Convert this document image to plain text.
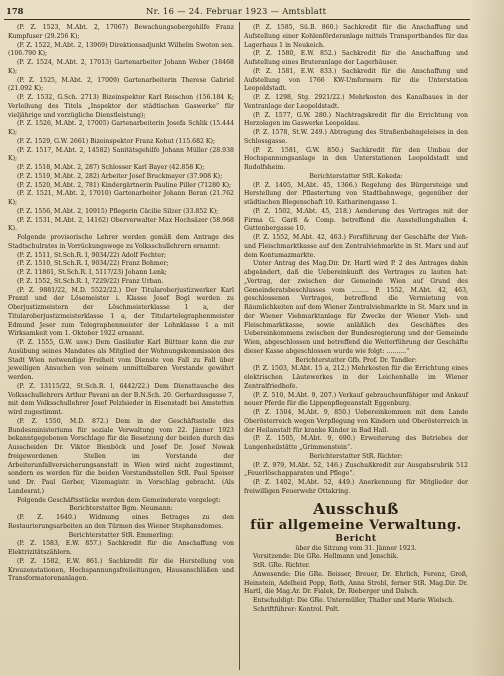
178	Nr. 16 — 24. Februar 1923 — Amtsblatt

(P. Z. 1523, M.Abt. 2, 17067) Bewachungsobergehilfe Franz Kumpfuser (29.256 K);

(P. Z. 1522, M.Abt. 2, 13969) Direktionsadjunkt Wilhelm Swoton sen. (106.790 K);

(P. Z. 1524, M.Abt. 2, 17013) Gartenarbeiter Johann Weber (18468 K);

(P. Z. 1525, M.Abt. 2, 17009) Gartenarbeiterin Therese Gabriel (21.092 K);

(P. Z. 1532, G.Sch. 2713) Bizeinspektor Karl Reischon (156.184 K; Verleihung des Titels „Inspektor der städtischen Gaswerke“ für vieljährige und vorzügliche Dienstleistung);

(P. Z. 1526, M.Abt. 2, 17005) Gartenarbeiterin Josefa Schlik (15.444 K);

(P. Z. 1529, G.W. 2661) Bizeinspektor Franz Kohut (115.682 K);

(P. Z. 1517, M.Abt. 2, 14582) Sanitätsgehilfe Johann Müller (28.938 K);

(P. Z. 1518, M.Abt. 2, 287) Schlosser Karl Bayer (42.858 K);

(P. Z. 1519, M.Abt. 2, 282) Arbeiter Josef Bruckmayer (37.908 K);

(P. Z. 1520, M.Abt. 2, 781) Kindergärtnerin Pauline Piller (71280 K);

(P. Z. 1521, M.Abt. 2, 17010) Gartenarbeiter Johann Beran (21.762 K);

(P. Z. 1556, M.Abt. 2, 10915) Pflegerin Cäcilie Silzer (33.852 K);

(P. Z. 1531, M.Abt. 2, 14162) Oberverwalter Max Hochsäzer (58.968 K).

Folgende provisorische Lehrer werden gemäß dem Antrage des Stadtschulrates in Vorrückungswege zu Volksschullehrern ernannt:

(P. Z. 1511, St.Sch.R. I, 9034/22) Adolf Fechter;

(P. Z. 1510, St.Sch.R. I, 9034/22) Franz Bohmer;

(P. Z. 11861, St.Sch.R. I, 5117/23) Johann Lenk;

(P. Z. 1552, St.Sch.R. I, 7229/22) Franz Urban.

(P. Z. 9881/22, M.D. 5522/22.) Der Titularoberjustizwerker Karl Franzl und der Lösemeister i. Klasse Josef Bogl werden zu Oberjustizmeistern der Löschmeisterklasse 1 a, der Titularoberjustizmeisterklasse 1 a, der Titulartelegraphenmeister Edmund Jeser zum Telegraphenmeister der Lohnklasse 1 a mit Wirksamkeit vom 1. Oktober 1922 ernannt.

(P. Z. 1555, G.W. usw.) Dem Gasläufer Karl Büttner kann die zur Ausübung seines Mandates als Mitglied der Wohnungskommission des Stadt Wien notwendige Freiheit vom Dienste von Fall zu Fall über jeweiligen Ansuchen von seinem unmittelbaren Vorstande gewährt werden.

(P. Z. 13115/22, St.Sch.R. I, 6442/22.) Dem Diensttausche des Volksschullehrers Arthur Pavani an der B.N.Sch. 20. Gerhardusgasse 7, mit dem Volksschullehrer Josef Pelzlsieder in Eisenstadt bei Amstetten wird zugestimmt.

(P. Z. 1550, M.D. 872.) Dem in der Geschäftsstelle des Bundesministeriums für soziale Verwaltung vom 22. Jänner 1923 bekanntgegebenen Vorschlage für die Besetzung der beiden durch das Ausscheiden Dr. Viktor Bienböck und Josef Dr. Josef Nowak freigewordenen Stellen im Vorstande der Arbeiterunfallversicherungsanstalt in Wien wird nicht zugestimmt, sondern es werden für die beiden Vorstandsstellen StR. Paul Speiser und Dr. Paul Gerber, Vizemagistr. in Vorschlag gebracht. (Als Landesrat.)

Folgende Geschäftsstücke werden dem Gemeinderate vorgelegt:

Berichterstatter Bgm. Neumann:

(P. Z. 1640.) Widmung eines Betrages zu den Restaurierungsarbeiten an den Türmen des Wiener Stephansdomes.

Berichterstatter StR. Emmerling:

(P. Z. 1583, E.W. 857.) Sachkredit für die Anschaffung von Elektrizitätszählern.

(P. Z. 1582, E.W. 861.) Sachkredit für die Herstellung von Kreuzenstationen, Hochspannungsfreileitungen, Hausanschläßen und Transformatorenanlagen.

(P. Z. 1585, Sü.B. 860.) Sachkredit für die Anschaffung und Aufstellung einer Kohlenförderanlage mittels Transportbandes für das Lagerhaus 1 in Neukeich.

(P. Z. 1580, E.W. 852.) Sachkredit für die Anschaffung und Aufstellung eines Bruteranlage der Lagerhäuser.

(P. Z. 1581, E.W. 833.) Sachkredit für die Anschaffung und Aufstellung von 1766 KW-Umformern für die Unterstation Leopoldstadt.

(P. Z. 1298, Stg. 2921/22.) Mehrkosten des Kanalbaues in der Ventranlage der Leopoldstadt.

(P. Z. 1577, G.W. 280.) Nachtragskredit für die Errichtung von Herzolagen im Gaswerke Leopoldau.

(P. Z. 1578, St.W. 249.) Abtragung des Straßenbahngeleises in den Schlossgasse.

(P. Z. 1581, G.W. 850.) Sachkredit für den Umbau der Hochspannungsanlage in den Unterstationen Leopoldstadt und Rudolfsheim.

Berichterstatter StR. Kokeda:

(P. Z. 1405, M.Abt. 45, 1366.) Regelung des Bürgersteige und Herstellung der Pflastertung von Stadtbahnwege, gegenüber der städtischen Blegenschaft 10. Katharinengasse 1.

(P. Z. 1502, M.Abt. 45, 218.) Aenderung des Vertrages mit der Firma G. Garß & Comp. betreffend die Ausstellungshallen 4. Guttenbergasse 10.

(P. Z. 1552, M.Abt. 42, 463.) Forsführung der Geschäfte der Vieh- und Fleischmarktkasse auf den Zentralviehmarkte in St. Marx und auf dem Kontumazmarkte.

Unter Antrag des Mag.Dir. Dr. Hartl wird P. 2 des Antrages dahin abgeändert, daß die Uebereinkunft des Vertrages zu lauten hat: „Vertrag, der zwischen der Gemeinde Wien auf Grund des Gemeinderatsbeschlusses vom ......... P. 1552, M.Abt. 42, 463, geschlossenen Vertrages, betreffend die Vermietung von Räumlichkeiten auf dem Wiener Zentralviehmarkte in St. Marx und in der Wiener Viehmarktanlage für Zwecke der Wiener Vieh- und Fleischmarktkasse, sowie anläßlich des Geschäftes des Uebereinkommens zwischen der Bundesregierung und der Gemeinde Wien, abgeschlossen und betreffend die Weiterführung der Geschäfte dieser Kasse abgeschlossen wurde wie folgt: ..........“

Berichterstatter Gfb. Prof. Dr. Tandler:

(P. Z. 1503, M.Abt. 15 a, 212.) Mehrkosten für die Errichtung eines elektrischen Läutewerkes in der Leichenhalle im Wiener Zentralfriedhofe.

(P. Z. 510, M.Abt. 9, 207.) Verkauf gebrauchsunfähiger und Ankauf neuer Pferde für die Lippenpflegeanstalt Eggenburg.

(P. Z. 1504, M.Abt. 9, 850.) Uebereinkommen mit dem Lande Oberösterreich wegen Verpflegung von Kindern und Oberösterreich in der Heilanstalt für kranke Kinder in Bad Hall.

(P. Z. 1505, M.Abt. 9, 690.) Erweiterung des Betriebes der Lungenheilstätte „Grimmenstein“.

Berichterstatter StR. Richter:

(P. Z. 979, M.Abt. 52, 146.) Zuschußkredit zur Ausgabsrubrik 512 „Feuerlöschapparaten und Pflege“.

(P. Z. 1402, M.Abt. 52, 449.) Anerkennung für Mitglieder der freiwilligen Feuerwehr Ottakring.

Ausschuß
für allgemeine Verwaltung.
Bericht

über die Sitzung vom 31. Jänner 1923.

Vorsitzende: Die GRe. Hellmann und Jenschik.

StR. GRe. Richter.

Anwesende: Die GRe. Beisser, Breuer, Dr. Ehrlich, Ferenz, Groß, Heinstein, Adelheid Popp, Roth, Anna Strobl, ferner StR. Mag.Dir. Dr. Hartl, die Mag.Ar. Dr. Fialek, Dr. Rieberger und Dalsch.

Entschuldigt: Die GRe. Untermüller, Thaller und Marie Wielsch.

Schriftführer: Kontrol. Polt.
